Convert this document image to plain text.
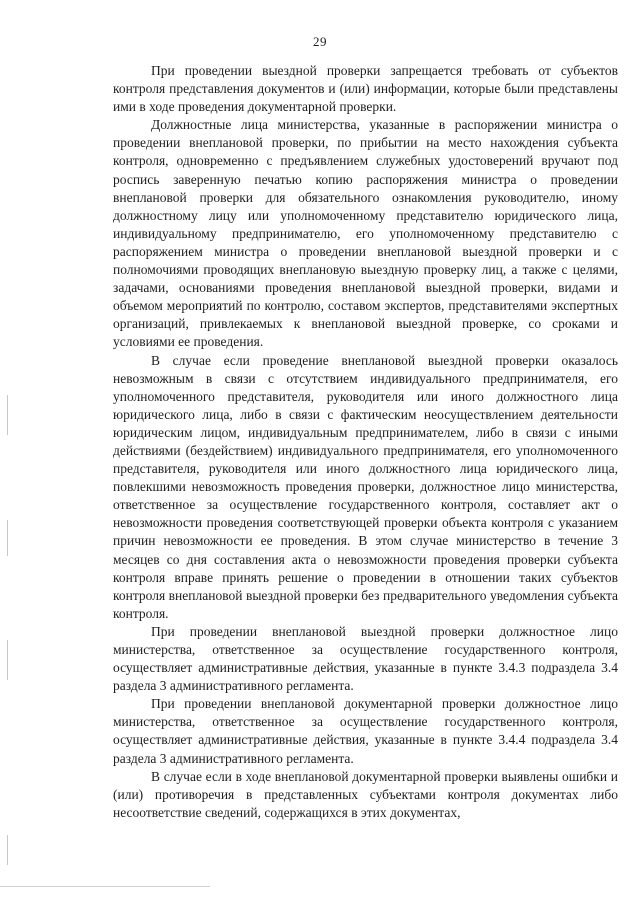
29

При проведении выездной проверки запрещается требовать от субъектов контроля представления документов и (или) информации, которые были представлены ими в ходе проведения документарной проверки.

Должностные лица министерства, указанные в распоряжении министра о проведении внеплановой проверки, по прибытии на место нахождения субъекта контроля, одновременно с предъявлением служебных удостоверений вручают под роспись заверенную печатью копию распоряжения министра о проведении внеплановой проверки для обязательного ознакомления руководителю, иному должностному лицу или уполномоченному представителю юридического лица, индивидуальному предпринимателю, его уполномоченному представителю с распоряжением министра о проведении внеплановой выездной проверки и с полномочиями проводящих внеплановую выездную проверку лиц, а также с целями, задачами, основаниями проведения внеплановой выездной проверки, видами и объемом мероприятий по контролю, составом экспертов, представителями экспертных организаций, привлекаемых к внеплановой выездной проверке, со сроками и условиями ее проведения.

В случае если проведение внеплановой выездной проверки оказалось невозможным в связи с отсутствием индивидуального предпринимателя, его уполномоченного представителя, руководителя или иного должностного лица юридического лица, либо в связи с фактическим неосуществлением деятельности юридическим лицом, индивидуальным предпринимателем, либо в связи с иными действиями (бездействием) индивидуального предпринимателя, его уполномоченного представителя, руководителя или иного должностного лица юридического лица, повлекшими невозможность проведения проверки, должностное лицо министерства, ответственное за осуществление государственного контроля, составляет акт о невозможности проведения соответствующей проверки объекта контроля с указанием причин невозможности ее проведения. В этом случае министерство в течение 3 месяцев со дня составления акта о невозможности проведения проверки субъекта контроля вправе принять решение о проведении в отношении таких субъектов контроля внеплановой выездной проверки без предварительного уведомления субъекта контроля.

При проведении внеплановой выездной проверки должностное лицо министерства, ответственное за осуществление государственного контроля, осуществляет административные действия, указанные в пункте 3.4.3 подраздела 3.4 раздела 3 административного регламента.

При проведении внеплановой документарной проверки должностное лицо министерства, ответственное за осуществление государственного контроля, осуществляет административные действия, указанные в пункте 3.4.4 подраздела 3.4 раздела 3 административного регламента.

В случае если в ходе внеплановой документарной проверки выявлены ошибки и (или) противоречия в представленных субъектами контроля документах либо несоответствие сведений, содержащихся в этих документах,
